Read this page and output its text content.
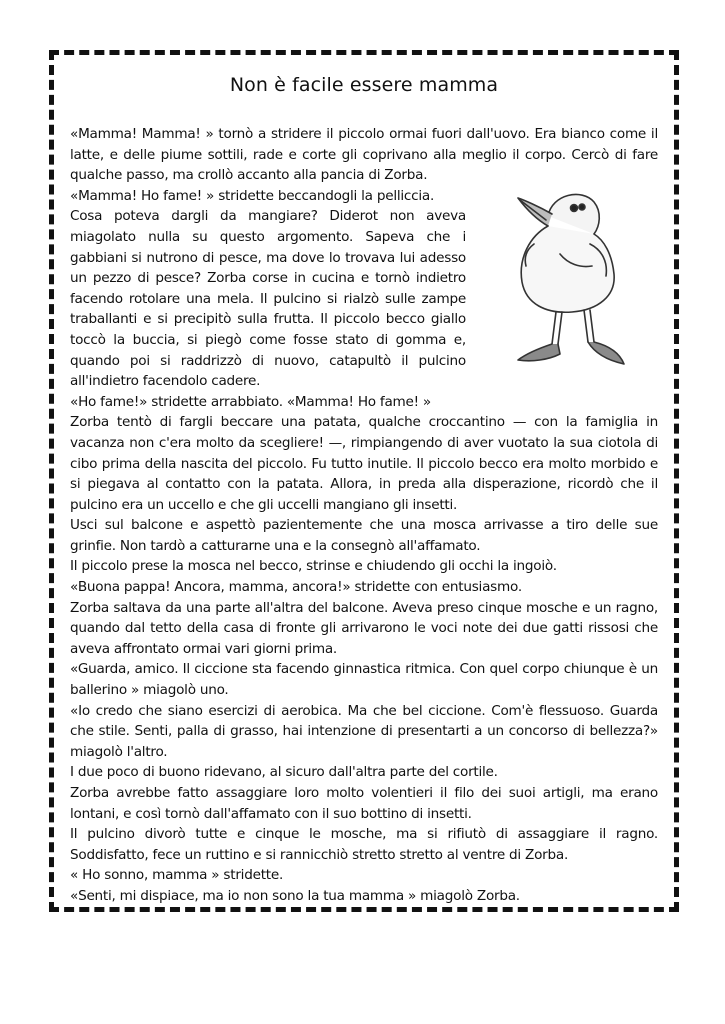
Non è facile essere mamma

«Mamma! Mamma! » tornò a stridere il piccolo ormai fuori dall'uovo. Era bianco come il latte, e delle piume sottili, rade e corte gli coprivano alla meglio il corpo. Cercò di fare qualche passo, ma crollò accanto alla pancia di Zorba.

«Mamma! Ho fame! » stridette beccandogli la pelliccia.

Cosa poteva dargli da mangiare? Diderot non aveva miagolato nulla su questo argomento. Sapeva che i gabbiani si nutrono di pesce, ma dove lo trovava lui adesso un pezzo di pesce? Zorba corse in cucina e tornò indietro facendo rotolare una mela. Il pulcino si rialzò sulle zampe traballanti e si precipitò sulla frutta. Il piccolo becco giallo toccò la buccia, si piegò come fosse stato di gomma e, quando poi si raddrizzò di nuovo, catapultò il pulcino all'indietro facendolo cadere.

«Ho fame!» stridette arrabbiato. «Mamma! Ho fame! »

Zorba tentò di fargli beccare una patata, qualche croccantino — con la famiglia in vacanza non c'era molto da scegliere! —, rimpiangendo di aver vuotato la sua ciotola di cibo prima della nascita del piccolo. Fu tutto inutile. Il piccolo becco era molto morbido e si piegava al contatto con la patata. Allora, in preda alla disperazione, ricordò che il pulcino era un uccello e che gli uccelli mangiano gli insetti.

Usci sul balcone e aspettò pazientemente che una mosca arrivasse a tiro delle sue grinfie. Non tardò a catturarne una e la consegnò all'affamato.

Il piccolo prese la mosca nel becco, strinse e chiudendo gli occhi la ingoiò.

«Buona pappa! Ancora, mamma, ancora!» stridette con entusiasmo.

Zorba saltava da una parte all'altra del balcone. Aveva preso cinque mosche e un ragno, quando dal tetto della casa di fronte gli arrivarono le voci note dei due gatti rissosi che aveva affrontato ormai vari giorni prima.

«Guarda, amico. Il ciccione sta facendo ginnastica ritmica. Con quel corpo chiunque è un ballerino » miagolò uno.

«Io credo che siano esercizi di aerobica. Ma che bel ciccione. Com'è flessuoso. Guarda che stile. Senti, palla di grasso, hai intenzione di presentarti a un concorso di bellezza?» miagolò l'altro.

I due poco di buono ridevano, al sicuro dall'altra parte del cortile.

Zorba avrebbe fatto assaggiare loro molto volentieri il filo dei suoi artigli, ma erano lontani, e così tornò dall'affamato con il suo bottino di insetti.

Il pulcino divorò tutte e cinque le mosche, ma si rifiutò di assaggiare il ragno. Soddisfatto, fece un ruttino e si rannicchiò stretto stretto al ventre di Zorba.

« Ho sonno, mamma » stridette.

«Senti, mi dispiace, ma io non sono la tua mamma » miagolò Zorba.
